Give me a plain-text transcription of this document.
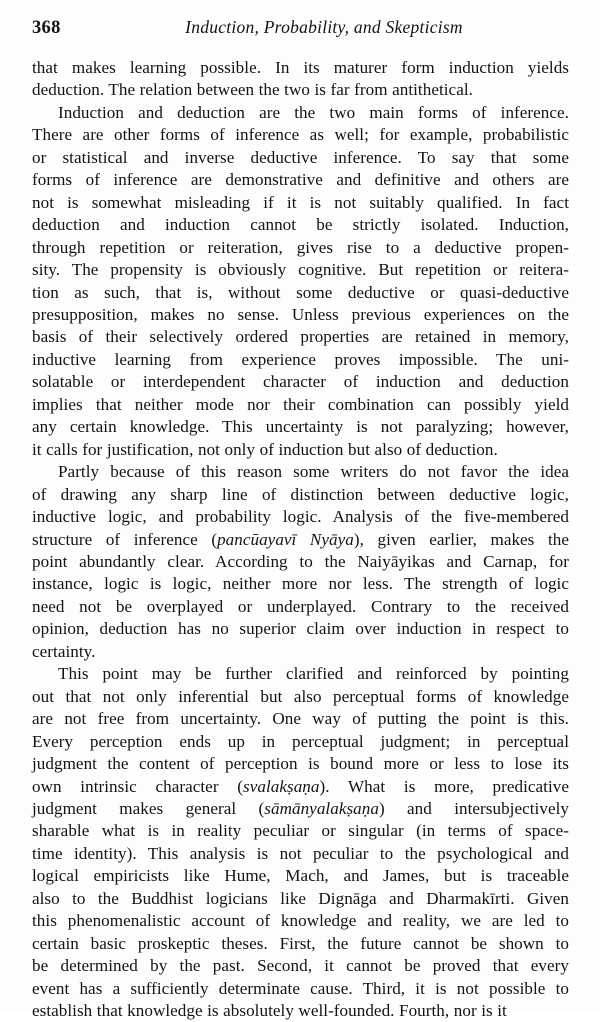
368	Induction, Probability, and Skepticism

that makes learning possible. In its maturer form induction yields
deduction. The relation between the two is far from antithetical.

Induction and deduction are the two main forms of inference.
There are other forms of inference as well; for example, probabilistic
or statistical and inverse deductive inference. To say that some
forms of inference are demonstrative and definitive and others are
not is somewhat misleading if it is not suitably qualified. In fact
deduction and induction cannot be strictly isolated. Induction,
through repetition or reiteration, gives rise to a deductive propen-
sity. The propensity is obviously cognitive. But repetition or reitera-
tion as such, that is, without some deductive or quasi-deductive
presupposition, makes no sense. Unless previous experiences on the
basis of their selectively ordered properties are retained in memory,
inductive learning from experience proves impossible. The uni-
solatable or interdependent character of induction and deduction
implies that neither mode nor their combination can possibly yield
any certain knowledge. This uncertainty is not paralyzing; however,
it calls for justification, not only of induction but also of deduction.

Partly because of this reason some writers do not favor the idea
of drawing any sharp line of distinction between deductive logic,
inductive logic, and probability logic. Analysis of the five-membered
structure of inference (pancūayavī Nyāya), given earlier, makes the
point abundantly clear. According to the Naiyāyikas and Carnap, for
instance, logic is logic, neither more nor less. The strength of logic
need not be overplayed or underplayed. Contrary to the received
opinion, deduction has no superior claim over induction in respect to
certainty.

This point may be further clarified and reinforced by pointing
out that not only inferential but also perceptual forms of knowledge
are not free from uncertainty. One way of putting the point is this.
Every perception ends up in perceptual judgment; in perceptual
judgment the content of perception is bound more or less to lose its
own intrinsic character (svalakṣaṇa). What is more, predicative
judgment makes general (sāmānyalakṣaṇa) and intersubjectively
sharable what is in reality peculiar or singular (in terms of space-
time identity). This analysis is not peculiar to the psychological and
logical empiricists like Hume, Mach, and James, but is traceable
also to the Buddhist logicians like Dignāga and Dharmakīrti. Given
this phenomenalistic account of knowledge and reality, we are led to
certain basic proskeptic theses. First, the future cannot be shown to
be determined by the past. Second, it cannot be proved that every
event has a sufficiently determinate cause. Third, it is not possible to
establish that knowledge is absolutely well-founded. Fourth, nor is it
